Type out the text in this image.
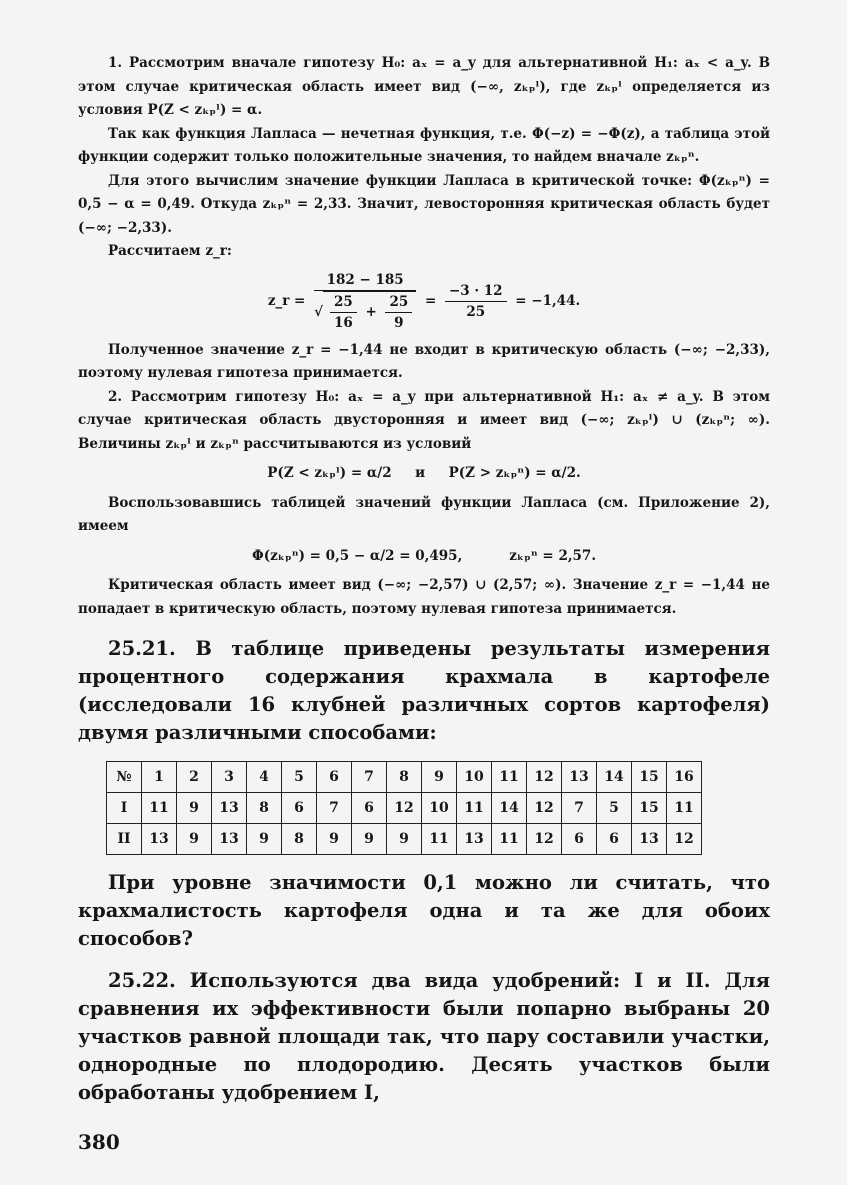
1. Рассмотрим вначале гипотезу H₀: aₓ = a_y для альтернативной H₁: aₓ < a_y. В этом случае критическая область имеет вид (−∞, zₖₚˡ), где zₖₚˡ определяется из условия P(Z < zₖₚˡ) = α.

Так как функция Лапласа — нечетная функция, т.е. Φ(−z) = −Φ(z), а таблица этой функции содержит только положительные значения, то найдем вначале zₖₚⁿ.

Для этого вычислим значение функции Лапласа в критической точке: Φ(zₖₚⁿ) = 0,5 − α = 0,49. Откуда zₖₚⁿ = 2,33. Значит, левосторонняя критическая область будет (−∞; −2,33).

Рассчитаем z_r:

z_r =
182 − 185
√ $\frac{25}{16} + \frac{25}{9} = \frac{-3 \cdot 12}{25} = -1,44$.

Полученное значение z_r = −1,44 не входит в критическую область (−∞; −2,33), поэтому нулевая гипотеза принимается.

2. Рассмотрим гипотезу H₀: aₓ = a_y при альтернативной H₁: aₓ ≠ a_y. В этом случае критическая область двусторонняя и имеет вид (−∞; zₖₚˡ) ∪ (zₖₚⁿ; ∞). Величины zₖₚˡ и zₖₚⁿ рассчитываются из условий

P(Z < zₖₚˡ) = α/2     и     P(Z > zₖₚⁿ) = α/2.

Воспользовавшись таблицей значений функции Лапласа (см. Приложение 2), имеем

Φ(zₖₚⁿ) = 0,5 − α/2 = 0,495,          zₖₚⁿ = 2,57.

Критическая область имеет вид (−∞; −2,57) ∪ (2,57; ∞). Значение z_r = −1,44 не попадает в критическую область, поэтому нулевая гипотеза принимается.

25.21. В таблице приведены результаты измерения процентного содержания крахмала в картофеле (исследовали 16 клубней различных сортов картофеля) двумя различными способами:

№	1	2	3	4	5	6	7	8	9	10	11	12	13	14	15	16
I	11	9	13	8	6	7	6	12	10	11	14	12	7	5	15	11
II	13	9	13	9	8	9	9	9	11	13	11	12	6	6	13	12

При уровне значимости 0,1 можно ли считать, что крахмалистость картофеля одна и та же для обоих способов?

25.22. Используются два вида удобрений: I и II. Для сравнения их эффективности были попарно выбраны 20 участков равной площади так, что пару составили участки, однородные по плодородию. Десять участков были обработаны удобрением I,

380
